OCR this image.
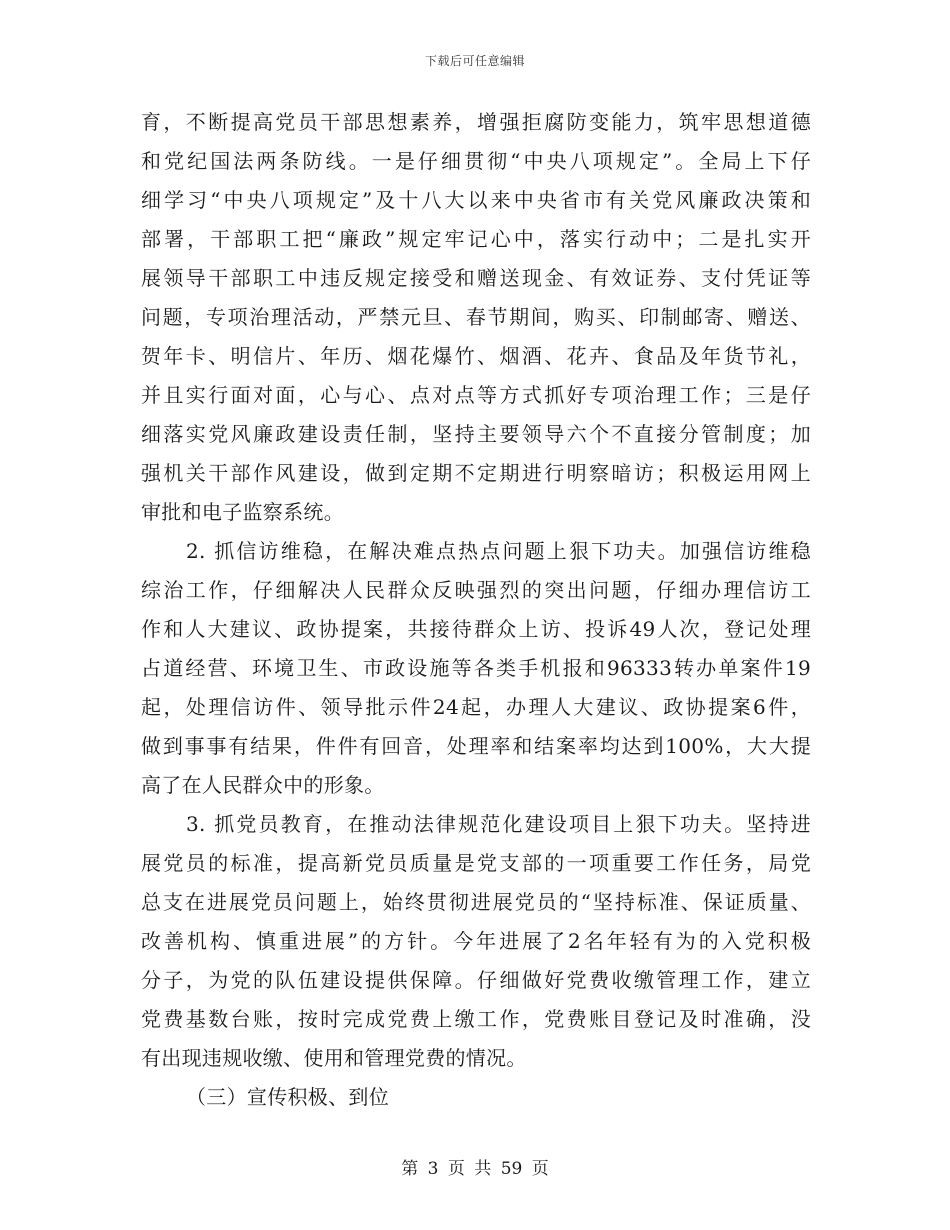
下载后可任意编辑
育，不断提高党员干部思想素养，增强拒腐防变能力，筑牢思想道德
和党纪国法两条防线。一是仔细贯彻“中央八项规定”。全局上下仔
细学习“中央八项规定”及十八大以来中央省市有关党风廉政决策和
部署，干部职工把“廉政”规定牢记心中，落实行动中；二是扎实开
展领导干部职工中违反规定接受和赠送现金、有效证券、支付凭证等
问题，专项治理活动，严禁元旦、春节期间，购买、印制邮寄、赠送、
贺年卡、明信片、年历、烟花爆竹、烟酒、花卉、食品及年货节礼，
并且实行面对面，心与心、点对点等方式抓好专项治理工作；三是仔
细落实党风廉政建设责任制，坚持主要领导六个不直接分管制度；加
强机关干部作风建设，做到定期不定期进行明察暗访；积极运用网上
审批和电子监察系统。
2. 抓信访维稳，在解决难点热点问题上狠下功夫。加强信访维稳
综治工作，仔细解决人民群众反映强烈的突出问题，仔细办理信访工
作和人大建议、政协提案，共接待群众上访、投诉49人次，登记处理
占道经营、环境卫生、市政设施等各类手机报和96333转办单案件19
起，处理信访件、领导批示件24起，办理人大建议、政协提案6件，
做到事事有结果，件件有回音，处理率和结案率均达到100%，大大提
高了在人民群众中的形象。
3. 抓党员教育，在推动法律规范化建设项目上狠下功夫。坚持进
展党员的标准，提高新党员质量是党支部的一项重要工作任务，局党
总支在进展党员问题上，始终贯彻进展党员的“坚持标准、保证质量、
改善机构、慎重进展”的方针。今年进展了2名年轻有为的入党积极
分子，为党的队伍建设提供保障。仔细做好党费收缴管理工作，建立
党费基数台账，按时完成党费上缴工作，党费账目登记及时准确，没
有出现违规收缴、使用和管理党费的情况。
（三）宣传积极、到位
第 3 页 共 59 页
